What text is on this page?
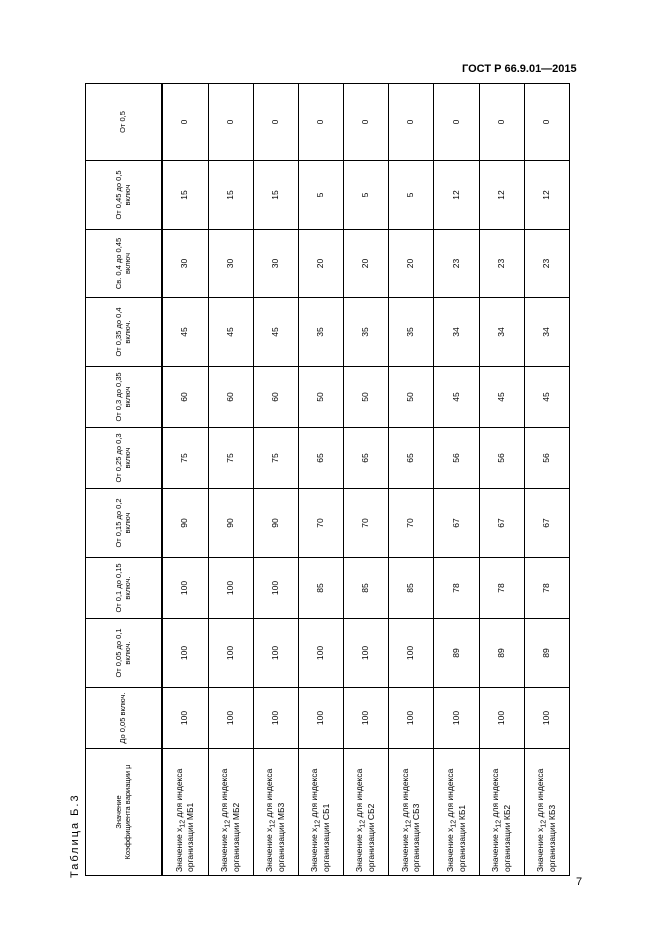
ГОСТ Р 66.9.01—2015
Таблица Б.3	Значение
Коэффициента вариации μ	До 0,05 включ.	От 0,05 до 0,1 включ.	От 0,1 до 0,15 включ.	От 0,15 до 0,2 включ	От 0,25 до 0,3 включ	От 0,3 до 0,35 включ	От 0,35 до 0,4 включ.	Св. 0,4 до 0,45 включ	От 0,45 до 0,5 включ	От 0,5
Значение $x_{12}$ для индекса организации МБ1	100	100	100	90	75	60	45	30	15	0
Значение $x_{12}$ для индекса организации МБ2	100	100	100	90	75	60	45	30	15	0
Значение $x_{12}$ для индекса организации МБ3	100	100	100	90	75	60	45	30	15	0
Значение $x_{12}$ для индекса организации СБ1	100	100	85	70	65	50	35	20	5	0
Значение $x_{12}$ для индекса организации СБ2	100	100	85	70	65	50	35	20	5	0
Значение $x_{12}$ для индекса организации СБ3	100	100	85	70	65	50	35	20	5	0
Значение $x_{12}$ для индекса организации КБ1	100	89	78	67	56	45	34	23	12	0
Значение $x_{12}$ для индекса организации КБ2	100	89	78	67	56	45	34	23	12	0
Значение $x_{12}$ для индекса организации КБ3	100	89	78	67	56	45	34	23	12	0
7
